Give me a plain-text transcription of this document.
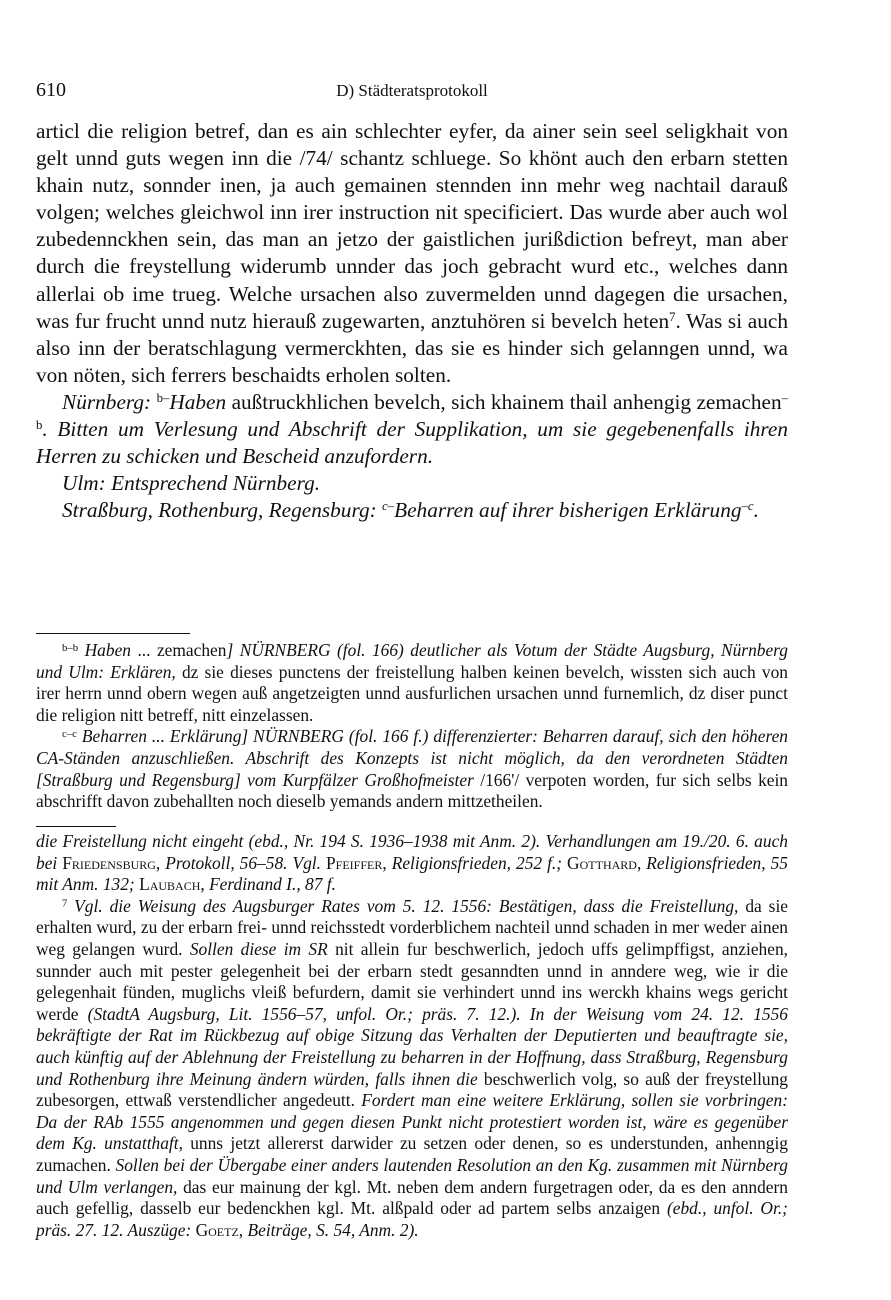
610	D) Städteratsprotokoll

articl die religion betref, dan es ain schlechter eyfer, da ainer sein seel seligkhait von gelt unnd guts wegen inn die /74/ schantz schluege. So khönt auch den erbarn stetten khain nutz, sonnder inen, ja auch gemainen stennden inn mehr weg nachtail darauß volgen; welches gleichwol inn irer instruction nit specificiert. Das wurde aber auch wol zubedennckhen sein, das man an jetzo der gaistlichen jurißdiction befreyt, man aber durch die freystellung widerumb unnder das joch gebracht wurd etc., welches dann allerlai ob ime trueg. Welche ursachen also zuvermelden unnd dagegen die ursachen, was fur frucht unnd nutz hierauß zugewarten, anztuhören si bevelch heten$^7$. Was si auch also inn der beratschlagung vermerckhten, das sie es hinder sich gelanngen unnd, wa von nöten, sich ferrers beschaidts erholen solten.

Nürnberg: $^{b-}$Haben außtruckhlichen bevelch, sich khainem thail anhengig zemachen$^{-b}$. Bitten um Verlesung und Abschrift der Supplikation, um sie gegebenenfalls ihren Herren zu schicken und Bescheid anzufordern.

Ulm: Entsprechend Nürnberg.

Straßburg, Rothenburg, Regensburg: $^{c-}$Beharren auf ihrer bisherigen Erklärung$^{-c}$.

$^{b-b}$ Haben ... zemachen] NÜRNBERG (fol. 166) deutlicher als Votum der Städte Augsburg, Nürnberg und Ulm: Erklären, dz sie dieses punctens der freistellung halben keinen bevelch, wissten sich auch von irer herrn unnd obern wegen auß angetzeigten unnd ausfurlichen ursachen unnd furnemlich, dz diser punct die religion nitt betreff, nitt einzelassen.

$^{c-c}$ Beharren ... Erklärung] NÜRNBERG (fol. 166 f.) differenzierter: Beharren darauf, sich den höheren CA-Ständen anzuschließen. Abschrift des Konzepts ist nicht möglich, da den verordneten Städten [Straßburg und Regensburg] vom Kurpfälzer Großhofmeister /166'/ verpoten worden, fur sich selbs kein abschrifft davon zubehallten noch dieselb yemands andern mittzetheilen.

die Freistellung nicht eingeht (ebd., Nr. 194 S. 1936–1938 mit Anm. 2). Verhandlungen am 19./20. 6. auch bei Friedensburg, Protokoll, 56–58. Vgl. Pfeiffer, Religionsfrieden, 252 f.; Gotthard, Religionsfrieden, 55 mit Anm. 132; Laubach, Ferdinand I., 87 f.

$^7$ Vgl. die Weisung des Augsburger Rates vom 5. 12. 1556: Bestätigen, dass die Freistellung, da sie erhalten wurd, zu der erbarn frei- unnd reichsstedt vorderblichem nachteil unnd schaden in mer weder ainen weg gelangen wurd. Sollen diese im SR nit allein fur beschwerlich, jedoch uffs gelimpffigst, anziehen, sunnder auch mit pester gelegenheit bei der erbarn stedt gesanndten unnd in anndere weg, wie ir die gelegenhait fünden, muglichs vleiß befurdern, damit sie verhindert unnd ins werckh khains wegs gericht werde (StadtA Augsburg, Lit. 1556–57, unfol. Or.; präs. 7. 12.). In der Weisung vom 24. 12. 1556 bekräftigte der Rat im Rückbezug auf obige Sitzung das Verhalten der Deputierten und beauftragte sie, auch künftig auf der Ablehnung der Freistellung zu beharren in der Hoffnung, dass Straßburg, Regensburg und Rothenburg ihre Meinung ändern würden, falls ihnen die beschwerlich volg, so auß der freystellung zubesorgen, ettwaß verstendlicher angedeutt. Fordert man eine weitere Erklärung, sollen sie vorbringen: Da der RAb 1555 angenommen und gegen diesen Punkt nicht protestiert worden ist, wäre es gegenüber dem Kg. unstatthaft, unns jetzt allererst darwider zu setzen oder denen, so es understunden, anhenngig zumachen. Sollen bei der Übergabe einer anders lautenden Resolution an den Kg. zusammen mit Nürnberg und Ulm verlangen, das eur mainung der kgl. Mt. neben dem andern furgetragen oder, da es den anndern auch gefellig, dasselb eur bedenckhen kgl. Mt. alßpald oder ad partem selbs anzaigen (ebd., unfol. Or.; präs. 27. 12. Auszüge: Goetz, Beiträge, S. 54, Anm. 2).
